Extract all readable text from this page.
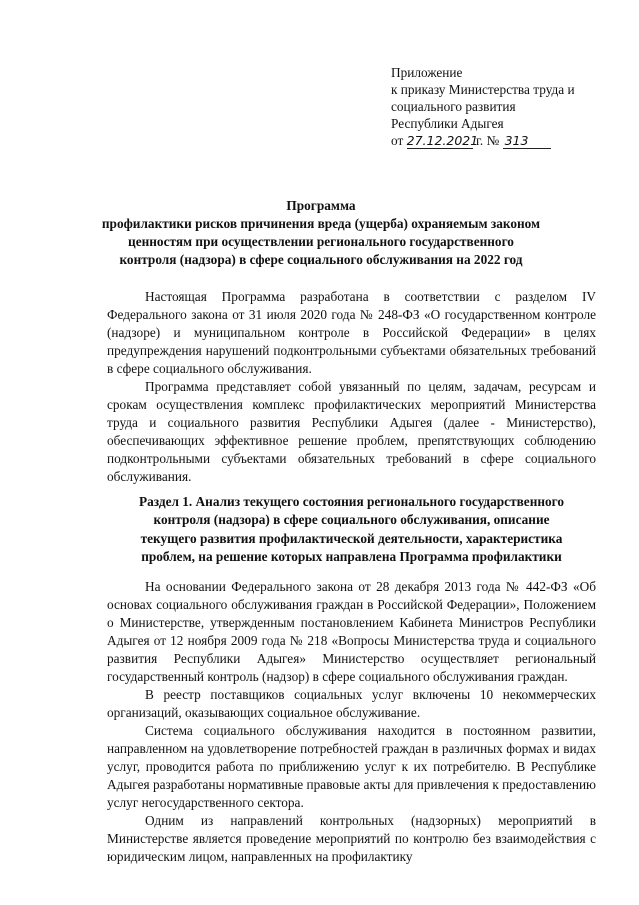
Приложение
к приказу Министерства труда и
социального развития
Республики Адыгея
от 27.12.2021 г. № 313
Программа
профилактики рисков причинения вреда (ущерба) охраняемым законом
ценностям при осуществлении регионального государственного
контроля (надзора) в сфере социального обслуживания на 2022 год

Настоящая Программа разработана в соответствии с разделом IV Федерального закона от 31 июля 2020 года № 248-ФЗ «О государственном контроле (надзоре) и муниципальном контроле в Российской Федерации» в целях предупреждения нарушений подконтрольными субъектами обязательных требований в сфере социального обслуживания.

Программа представляет собой увязанный по целям, задачам, ресурсам и срокам осуществления комплекс профилактических мероприятий Министерства труда и социального развития Республики Адыгея (далее - Министерство), обеспечивающих эффективное решение проблем, препятствующих соблюдению подконтрольными субъектами обязательных требований в сфере социального обслуживания.

Раздел 1. Анализ текущего состояния регионального государственного
контроля (надзора) в сфере социального обслуживания, описание
текущего развития профилактической деятельности, характеристика
проблем, на решение которых направлена Программа профилактики

На основании Федерального закона от 28 декабря 2013 года № 442-ФЗ «Об основах социального обслуживания граждан в Российской Федерации», Положением о Министерстве, утвержденным постановлением Кабинета Министров Республики Адыгея от 12 ноября 2009 года № 218 «Вопросы Министерства труда и социального развития Республики Адыгея» Министерство осуществляет региональный государственный контроль (надзор) в сфере социального обслуживания граждан.

В реестр поставщиков социальных услуг включены 10 некоммерческих организаций, оказывающих социальное обслуживание.

Система социального обслуживания находится в постоянном развитии, направленном на удовлетворение потребностей граждан в различных формах и видах услуг, проводится работа по приближению услуг к их потребителю. В Республике Адыгея разработаны нормативные правовые акты для привлечения к предоставлению услуг негосударственного сектора.

Одним из направлений контрольных (надзорных) мероприятий в Министерстве является проведение мероприятий по контролю без взаимодействия с юридическим лицом, направленных на профилактику
